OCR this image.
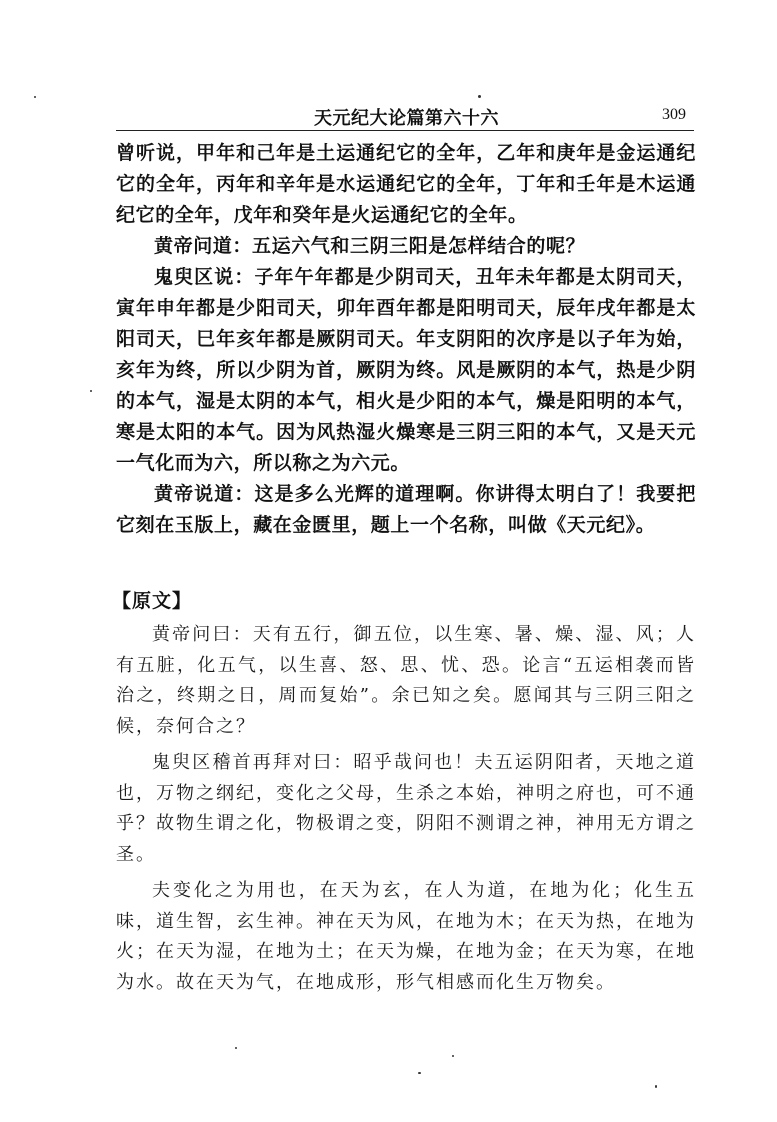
天元纪大论篇第六十六	309

曾听说，甲年和己年是土运通纪它的全年，乙年和庚年是金运通纪它的全年，丙年和辛年是水运通纪它的全年，丁年和壬年是木运通纪它的全年，戊年和癸年是火运通纪它的全年。

黄帝问道：五运六气和三阴三阳是怎样结合的呢？

鬼臾区说：子年午年都是少阴司天，丑年未年都是太阴司天，寅年申年都是少阳司天，卯年酉年都是阳明司天，辰年戌年都是太阳司天，巳年亥年都是厥阴司天。年支阴阳的次序是以子年为始，亥年为终，所以少阴为首，厥阴为终。风是厥阴的本气，热是少阴的本气，湿是太阴的本气，相火是少阳的本气，燥是阳明的本气，寒是太阳的本气。因为风热湿火燥寒是三阴三阳的本气，又是天元一气化而为六，所以称之为六元。

黄帝说道：这是多么光辉的道理啊。你讲得太明白了！我要把它刻在玉版上，藏在金匮里，题上一个名称，叫做《天元纪》。

【原文】

黄帝问曰：天有五行，御五位，以生寒、暑、燥、湿、风；人有五脏，化五气，以生喜、怒、思、忧、恐。论言“五运相袭而皆治之，终期之日，周而复始”。余已知之矣。愿闻其与三阴三阳之候，奈何合之？

鬼臾区稽首再拜对曰：昭乎哉问也！夫五运阴阳者，天地之道也，万物之纲纪，变化之父母，生杀之本始，神明之府也，可不通乎？故物生谓之化，物极谓之变，阴阳不测谓之神，神用无方谓之圣。

夫变化之为用也，在天为玄，在人为道，在地为化；化生五味，道生智，玄生神。神在天为风，在地为木；在天为热，在地为火；在天为湿，在地为土；在天为燥，在地为金；在天为寒，在地为水。故在天为气，在地成形，形气相感而化生万物矣。
